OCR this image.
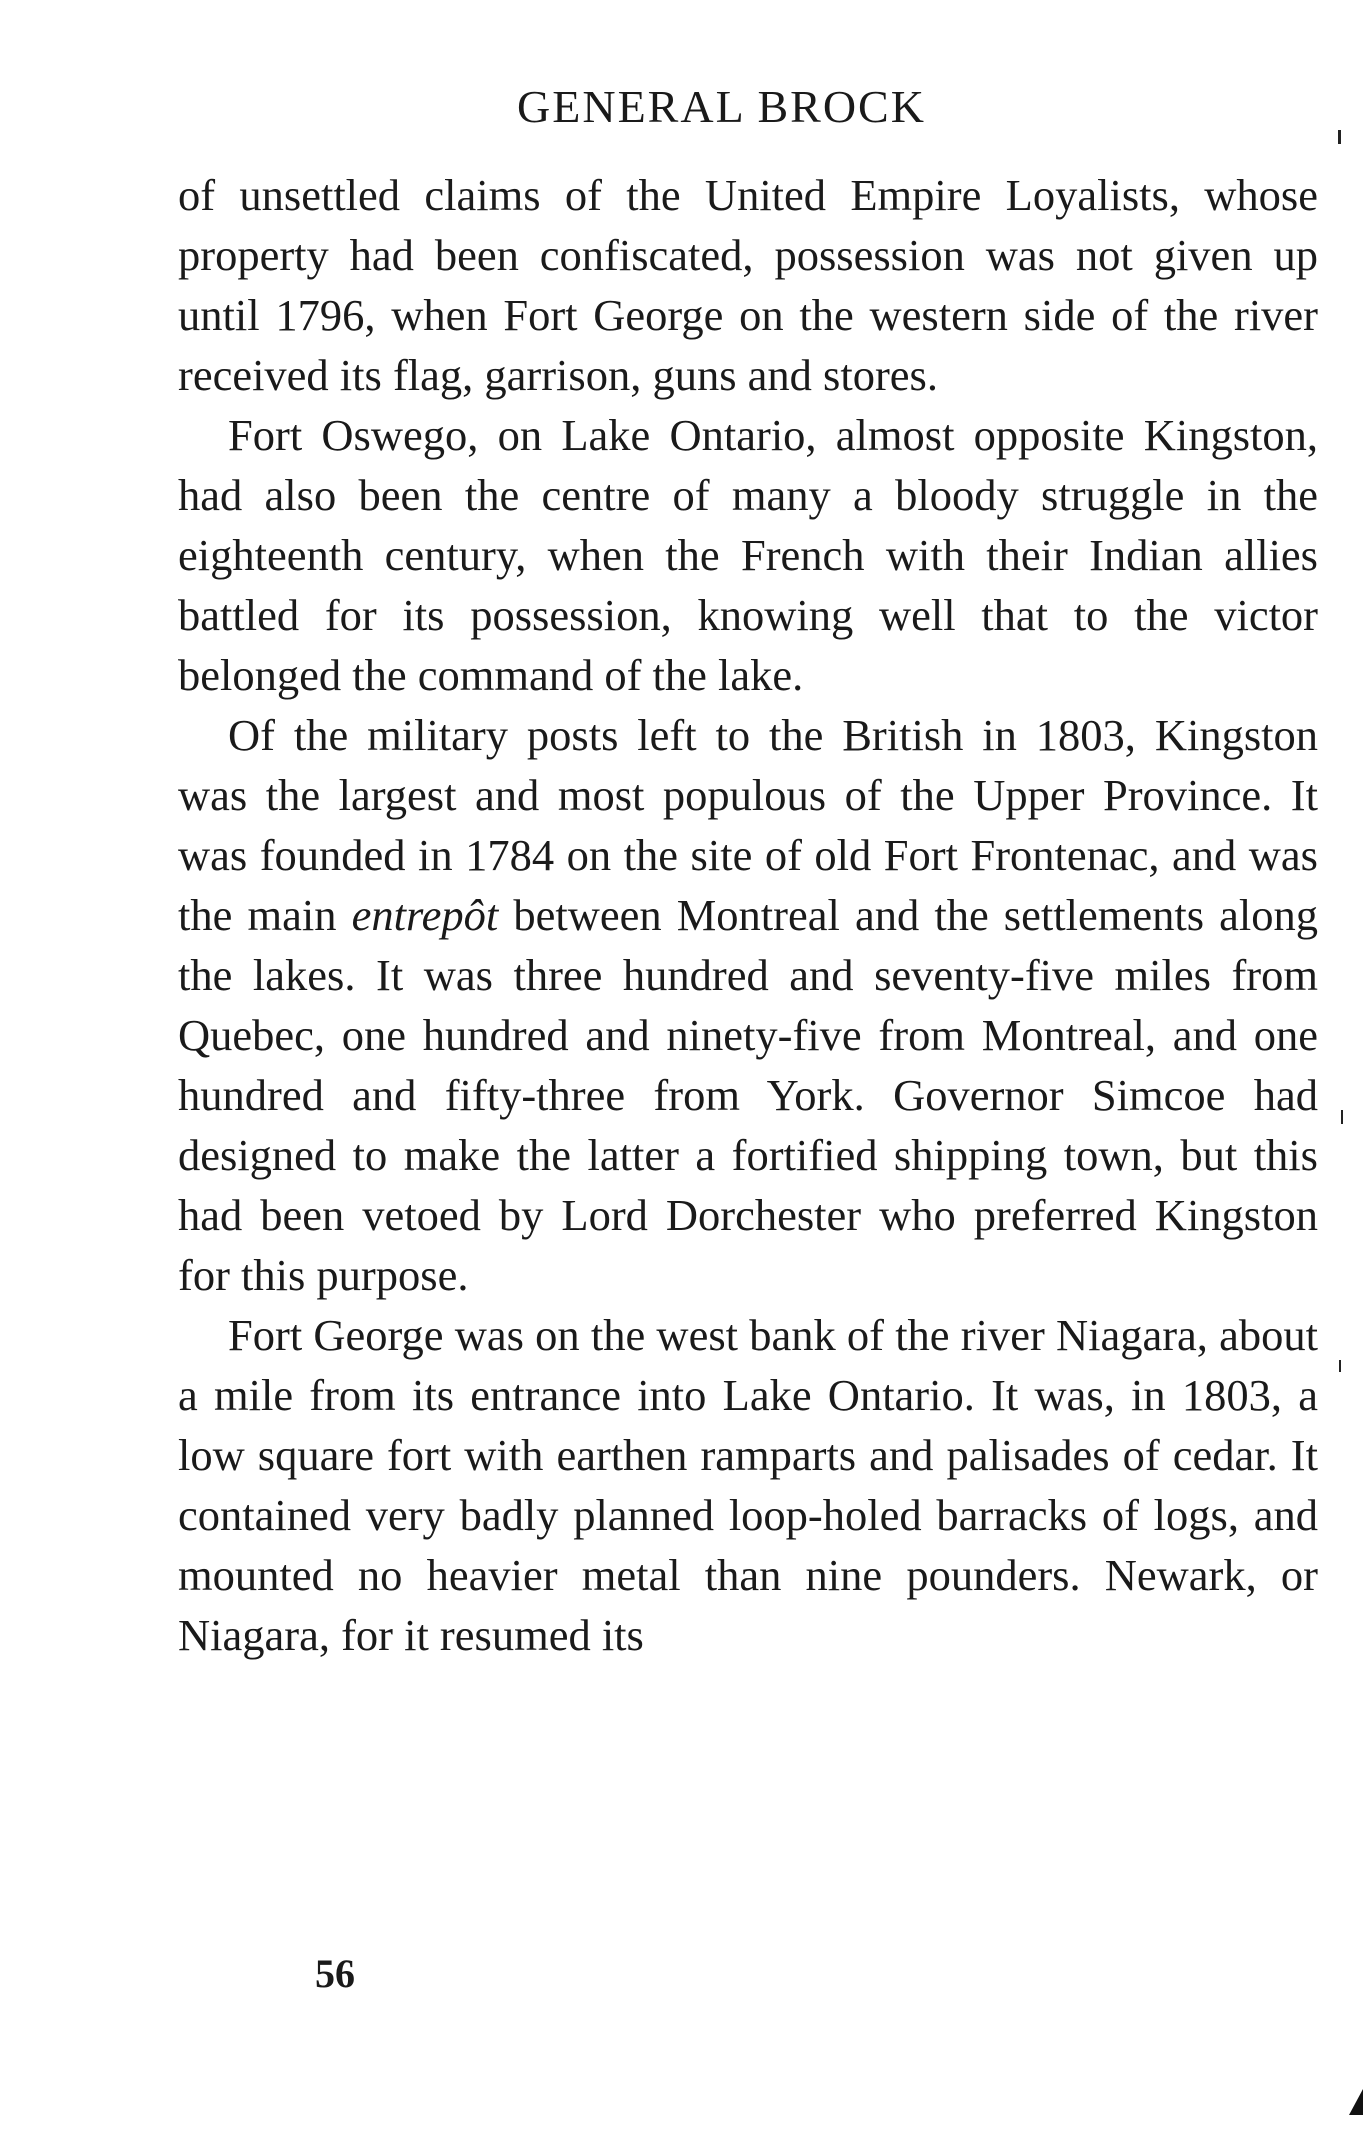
GENERAL BROCK

of unsettled claims of the United Empire Loyalists, whose property had been confiscated, possession was not given up until 1796, when Fort George on the western side of the river received its flag, garrison, guns and stores.

Fort Oswego, on Lake Ontario, almost opposite Kingston, had also been the centre of many a bloody struggle in the eighteenth century, when the French with their Indian allies battled for its possession, knowing well that to the victor belonged the command of the lake.

Of the military posts left to the British in 1803, Kingston was the largest and most populous of the Upper Province. It was founded in 1784 on the site of old Fort Frontenac, and was the main entrepôt between Montreal and the settlements along the lakes. It was three hundred and seventy-five miles from Quebec, one hundred and ninety-five from Montreal, and one hundred and fifty-three from York. Governor Simcoe had designed to make the latter a fortified shipping town, but this had been vetoed by Lord Dorchester who preferred Kingston for this purpose.

Fort George was on the west bank of the river Niagara, about a mile from its entrance into Lake Ontario. It was, in 1803, a low square fort with earthen ramparts and palisades of cedar. It contained very badly planned loop-holed barracks of logs, and mounted no heavier metal than nine pounders. Newark, or Niagara, for it resumed its

56
